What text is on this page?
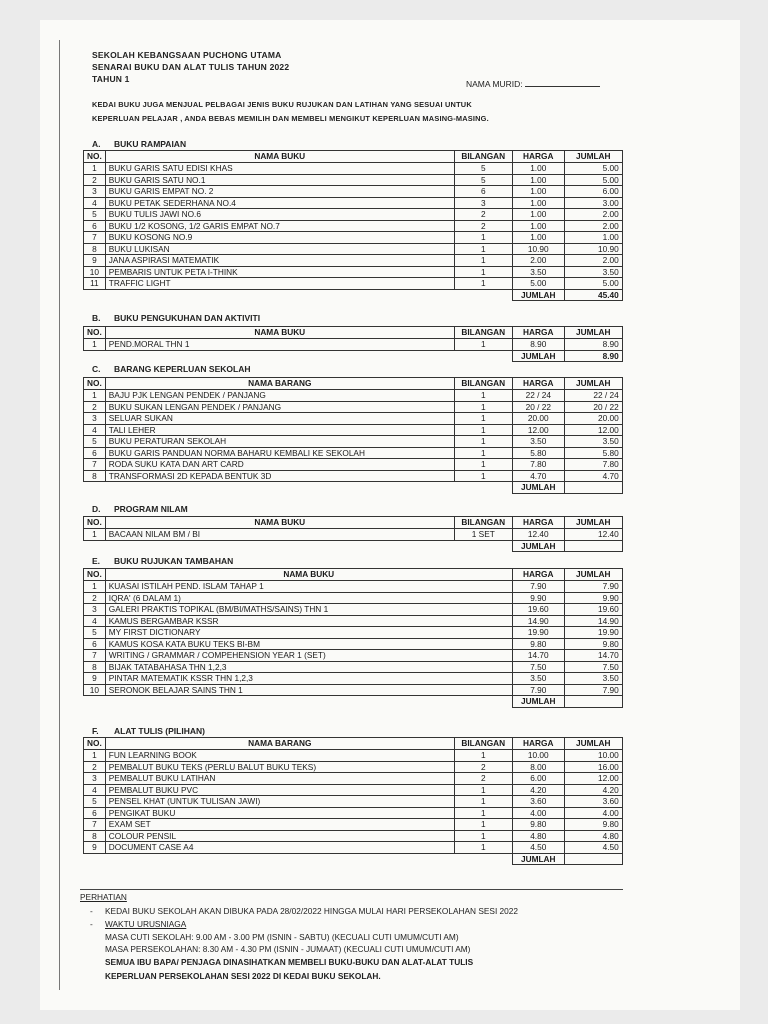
SEKOLAH KEBANGSAAN PUCHONG UTAMA
SENARAI BUKU DAN ALAT TULIS TAHUN 2022
TAHUN 1	NAMA MURID:
KEDAI BUKU JUGA MENJUAL PELBAGAI JENIS BUKU RUJUKAN DAN LATIHAN YANG SESUAI UNTUK
KEPERLUAN PELAJAR , ANDA BEBAS MEMILIH DAN MEMBELI MENGIKUT KEPERLUAN MASING-MASING.
A. BUKU RAMPAIAN
NO.	NAMA BUKU	BILANGAN	HARGA	JUMLAH
1	BUKU GARIS SATU EDISI KHAS	5	1.00	5.00
2	BUKU GARIS SATU NO.1	5	1.00	5.00
3	BUKU GARIS EMPAT NO. 2	6	1.00	6.00
4	BUKU PETAK SEDERHANA NO.4	3	1.00	3.00
5	BUKU TULIS JAWI NO.6	2	1.00	2.00
6	BUKU 1/2 KOSONG, 1/2 GARIS EMPAT NO.7	2	1.00	2.00
7	BUKU KOSONG NO.9	1	1.00	1.00
8	BUKU LUKISAN	1	10.90	10.90
9	JANA ASPIRASI MATEMATIK	1	2.00	2.00
10	PEMBARIS UNTUK PETA I-THINK	1	3.50	3.50
11	TRAFFIC LIGHT	1	5.00	5.00
			JUMLAH	45.40
B. BUKU PENGUKUHAN DAN AKTIVITI
NO.	NAMA BUKU	BILANGAN	HARGA	JUMLAH
1	PEND.MORAL THN 1	1	8.90	8.90
			JUMLAH	8.90
C. BARANG KEPERLUAN SEKOLAH
NO.	NAMA BARANG	BILANGAN	HARGA	JUMLAH
1	BAJU PJK LENGAN PENDEK / PANJANG	1	22 / 24	22 / 24
2	BUKU SUKAN LENGAN PENDEK / PANJANG	1	20 / 22	20 / 22
3	SELUAR SUKAN	1	20.00	20.00
4	TALI LEHER	1	12.00	12.00
5	BUKU PERATURAN SEKOLAH	1	3.50	3.50
6	BUKU GARIS PANDUAN NORMA BAHARU KEMBALI KE SEKOLAH	1	5.80	5.80
7	RODA SUKU KATA DAN ART CARD	1	7.80	7.80
8	TRANSFORMASI 2D KEPADA BENTUK 3D	1	4.70	4.70
			JUMLAH	
D. PROGRAM NILAM
NO.	NAMA BUKU	BILANGAN	HARGA	JUMLAH
1	BACAAN NILAM BM / BI	1 SET	12.40	12.40
			JUMLAH	
E. BUKU RUJUKAN TAMBAHAN
NO.	NAMA BUKU	HARGA	JUMLAH
1	KUASAI ISTILAH PEND. ISLAM TAHAP 1	7.90	7.90
2	IQRA' (6 DALAM 1)	9.90	9.90
3	GALERI PRAKTIS TOPIKAL (BM/BI/MATHS/SAINS) THN 1	19.60	19.60
4	KAMUS BERGAMBAR KSSR	14.90	14.90
5	MY FIRST DICTIONARY	19.90	19.90
6	KAMUS KOSA KATA BUKU TEKS BI-BM	9.80	9.80
7	WRITING / GRAMMAR / COMPEHENSION YEAR 1 (SET)	14.70	14.70
8	BIJAK TATABAHASA THN 1,2,3	7.50	7.50
9	PINTAR MATEMATIK KSSR THN 1,2,3	3.50	3.50
10	SERONOK BELAJAR SAINS THN 1	7.90	7.90
		JUMLAH	
F. ALAT TULIS (PILIHAN)
NO.	NAMA BARANG	BILANGAN	HARGA	JUMLAH
1	FUN LEARNING BOOK	1	10.00	10.00
2	PEMBALUT BUKU TEKS (PERLU BALUT BUKU TEKS)	2	8.00	16.00
3	PEMBALUT BUKU LATIHAN	2	6.00	12.00
4	PEMBALUT BUKU PVC	1	4.20	4.20
5	PENSEL KHAT (UNTUK TULISAN JAWI)	1	3.60	3.60
6	PENGIKAT BUKU	1	4.00	4.00
7	EXAM SET	1	9.80	9.80
8	COLOUR PENSIL	1	4.80	4.80
9	DOCUMENT CASE A4	1	4.50	4.50
			JUMLAH	
PERHATIAN
- KEDAI BUKU SEKOLAH AKAN DIBUKA PADA 28/02/2022 HINGGA MULAI HARI PERSEKOLAHAN SESI 2022
- WAKTU URUSNIAGA
MASA CUTI SEKOLAH: 9.00 AM - 3.00 PM (ISNIN - SABTU) (KECUALI CUTI UMUM/CUTI AM)
MASA PERSEKOLAHAN: 8.30 AM - 4.30 PM (ISNIN - JUMAAT) (KECUALI CUTI UMUM/CUTI AM)
SEMUA IBU BAPA/ PENJAGA DINASIHATKAN MEMBELI BUKU-BUKU DAN ALAT-ALAT TULIS
KEPERLUAN PERSEKOLAHAN SESI 2022 DI KEDAI BUKU SEKOLAH.
